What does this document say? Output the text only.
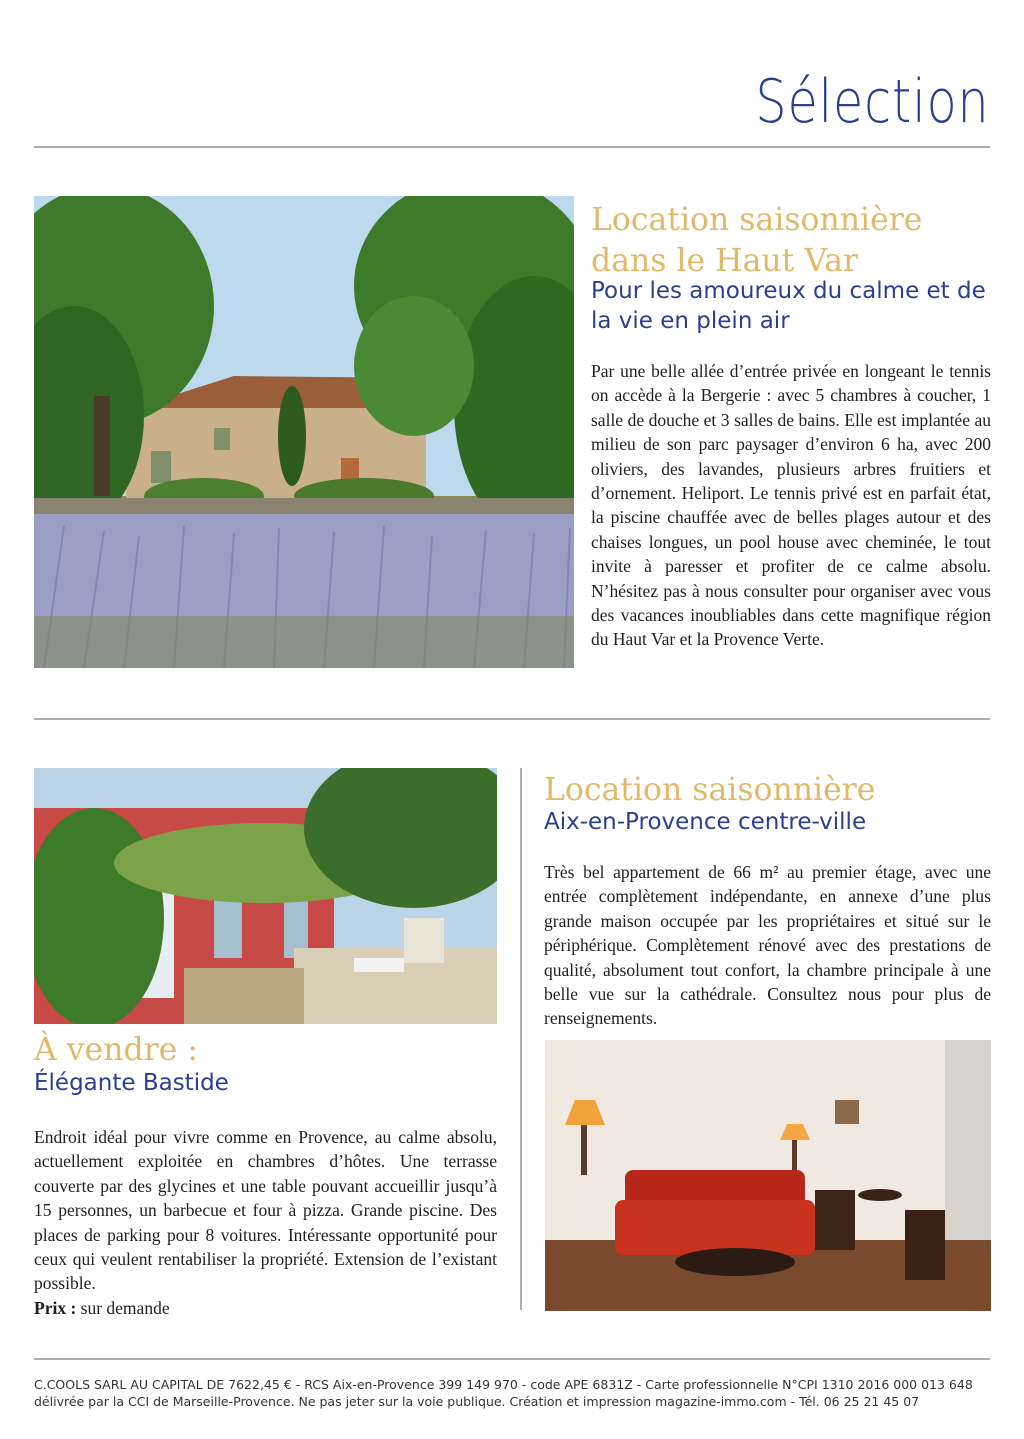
Sélection
Location saisonnière dans le Haut Var
Pour les amoureux du calme et de la vie en plein air

Par une belle allée d’entrée privée en longeant le tennis on accède à la Bergerie : avec 5 chambres à coucher, 1 salle de douche et 3 salles de bains. Elle est implantée au milieu de son parc paysager d’environ 6 ha, avec 200 oliviers, des lavandes, plusieurs arbres fruitiers et d’ornement. Heliport. Le tennis privé est en parfait état, la piscine chauffée avec de belles plages autour et des chaises longues, un pool house avec cheminée, le tout invite à paresser et profiter de ce calme absolu. N’hésitez pas à nous consulter pour organiser avec vous des vacances inoubliables dans cette magnifique région du Haut Var et la Provence Verte.

À vendre :
Élégante Bastide

Endroit idéal pour vivre comme en Provence, au calme absolu, actuellement exploitée en chambres d’hôtes. Une terrasse couverte par des glycines et une table pouvant accueillir jusqu’à 15 personnes, un barbecue et four à pizza. Grande piscine. Des places de parking pour 8 voitures. Intéressante opportunité pour ceux qui veulent rentabiliser la propriété. Extension de l’existant possible.

Prix : sur demande

Location saisonnière
Aix-en-Provence centre-ville

Très bel appartement de 66 m² au premier étage, avec une entrée complètement indépendante, en annexe d’une plus grande maison occupée par les propriétaires et situé sur le périphérique. Complètement rénové avec des prestations de qualité, absolument tout confort, la chambre principale à une belle vue sur la cathédrale. Consultez nous pour plus de renseignements.

C.COOLS SARL AU CAPITAL DE 7622,45 € - RCS Aix-en-Provence 399 149 970 - code APE 6831Z - Carte professionnelle N°CPI 1310 2016 000 013 648
délivrée par la CCI de Marseille-Provence. Ne pas jeter sur la voie publique. Création et impression magazine-immo.com - Tél. 06 25 21 45 07
